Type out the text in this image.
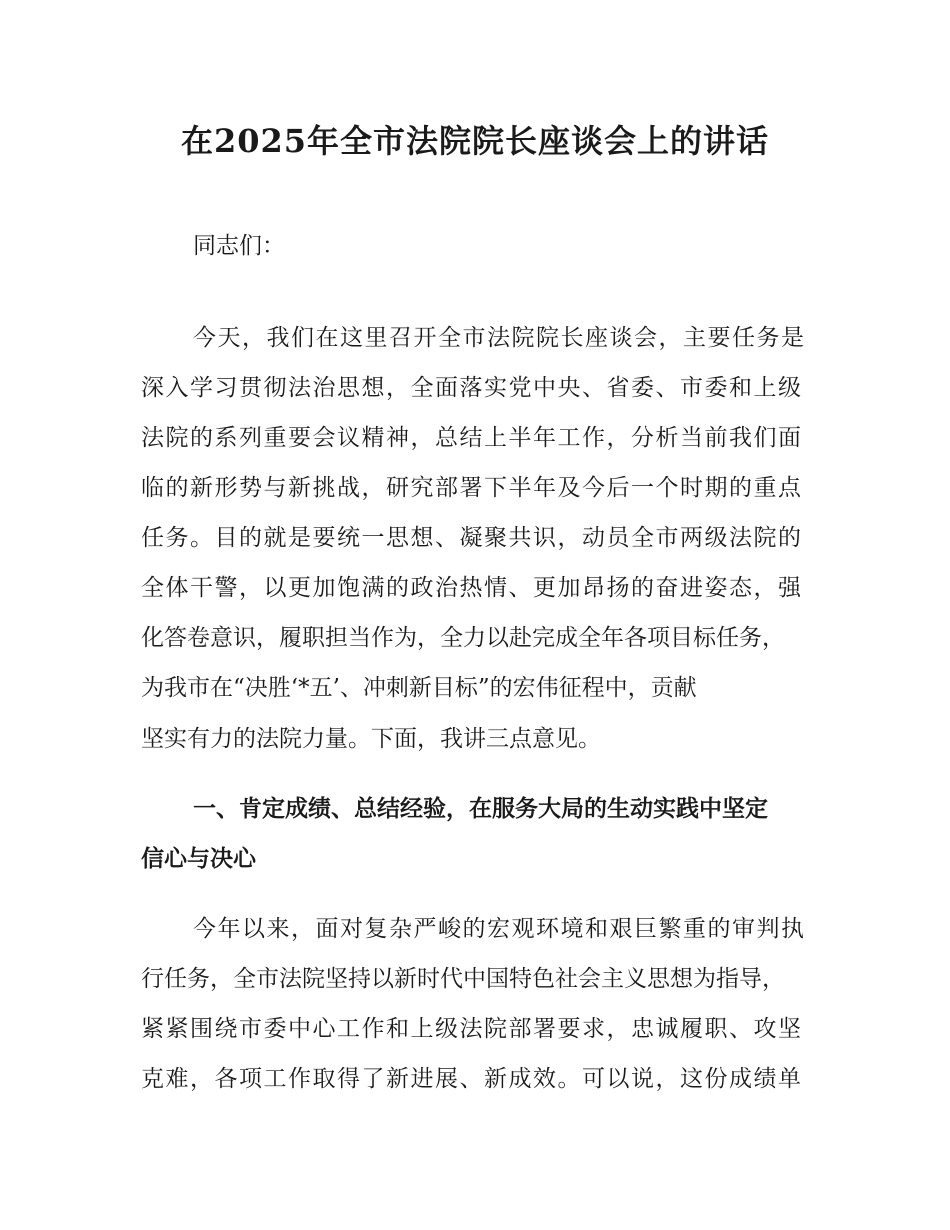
在2025年全市法院院长座谈会上的讲话

同志们：

今天，我们在这里召开全市法院院长座谈会，主要任务是

深入学习贯彻法治思想，全面落实党中央、省委、市委和上级

法院的系列重要会议精神，总结上半年工作，分析当前我们面

临的新形势与新挑战，研究部署下半年及今后一个时期的重点

任务。目的就是要统一思想、凝聚共识，动员全市两级法院的

全体干警，以更加饱满的政治热情、更加昂扬的奋进姿态，强

化答卷意识，履职担当作为，全力以赴完成全年各项目标任务，

为我市在“决胜‘*五’、冲刺新目标”的宏伟征程中，贡献

坚实有力的法院力量。下面，我讲三点意见。

一、肯定成绩、总结经验，在服务大局的生动实践中坚定

信心与决心

今年以来，面对复杂严峻的宏观环境和艰巨繁重的审判执

行任务，全市法院坚持以新时代中国特色社会主义思想为指导，

紧紧围绕市委中心工作和上级法院部署要求，忠诚履职、攻坚

克难，各项工作取得了新进展、新成效。可以说，这份成绩单
